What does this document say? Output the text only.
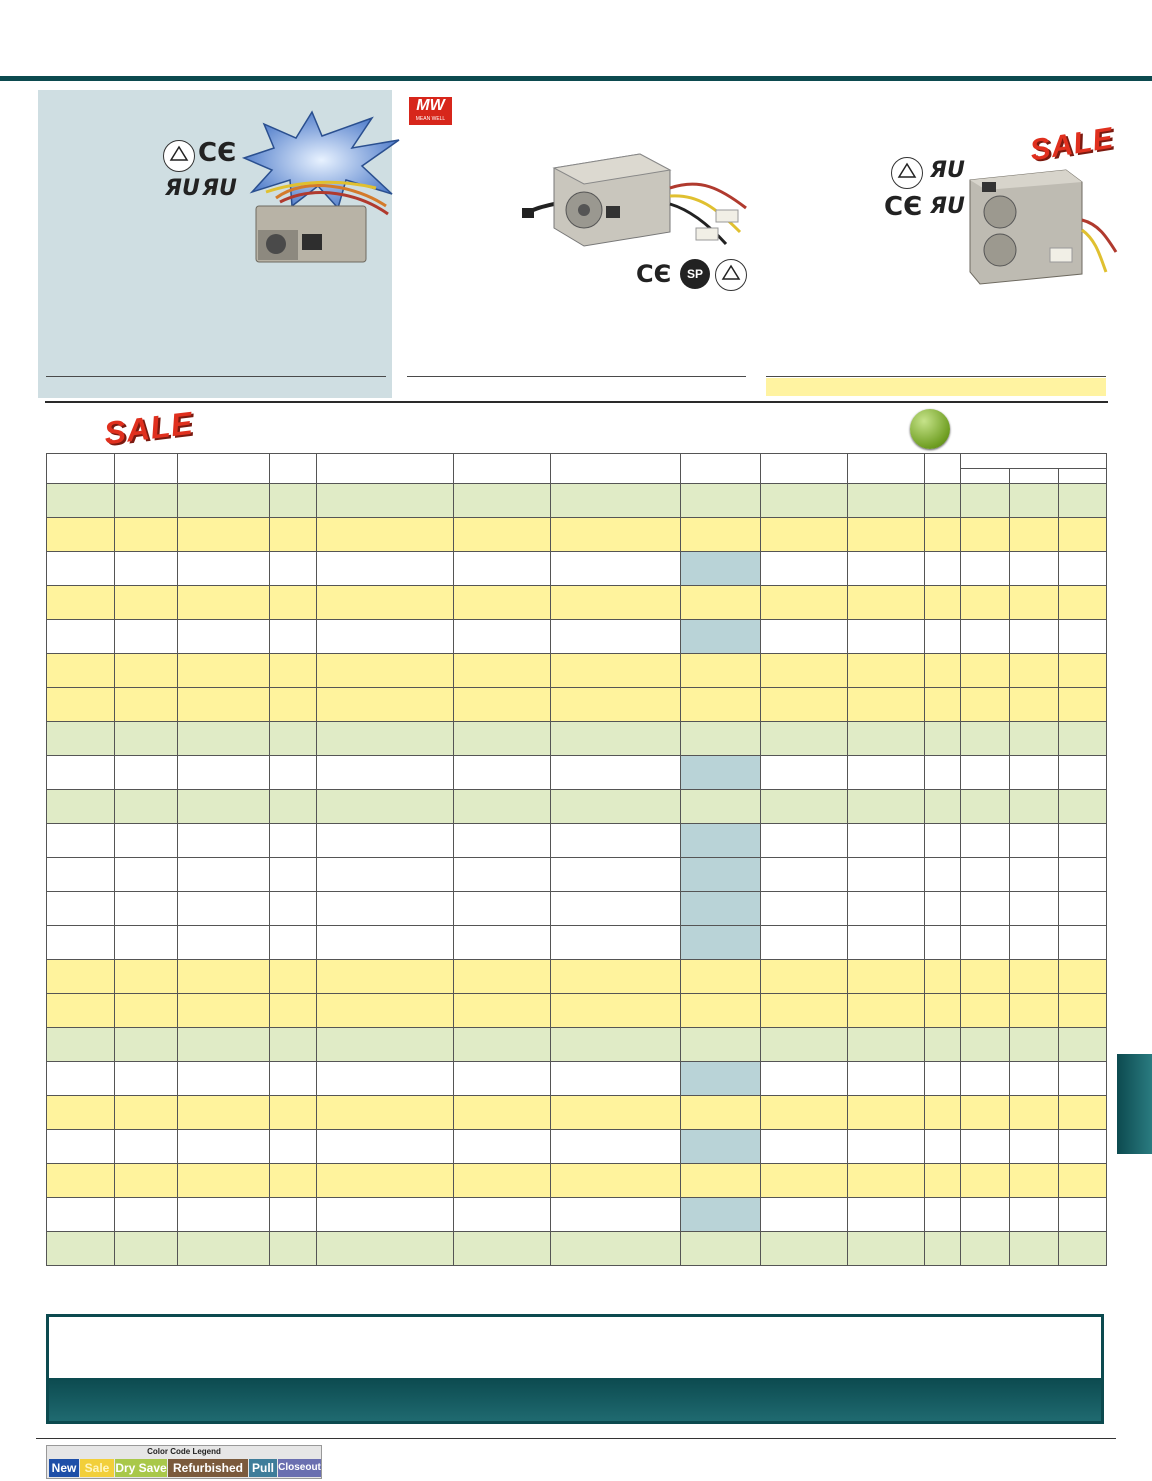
CЄ
ЯU ЯU
MW
MEAN WELL
CЄ	SP
SALE
ЯU
CЄ ЯU
SALE

Color Code Legend
New Sale Dry Save Refurbished Pull Closeout
